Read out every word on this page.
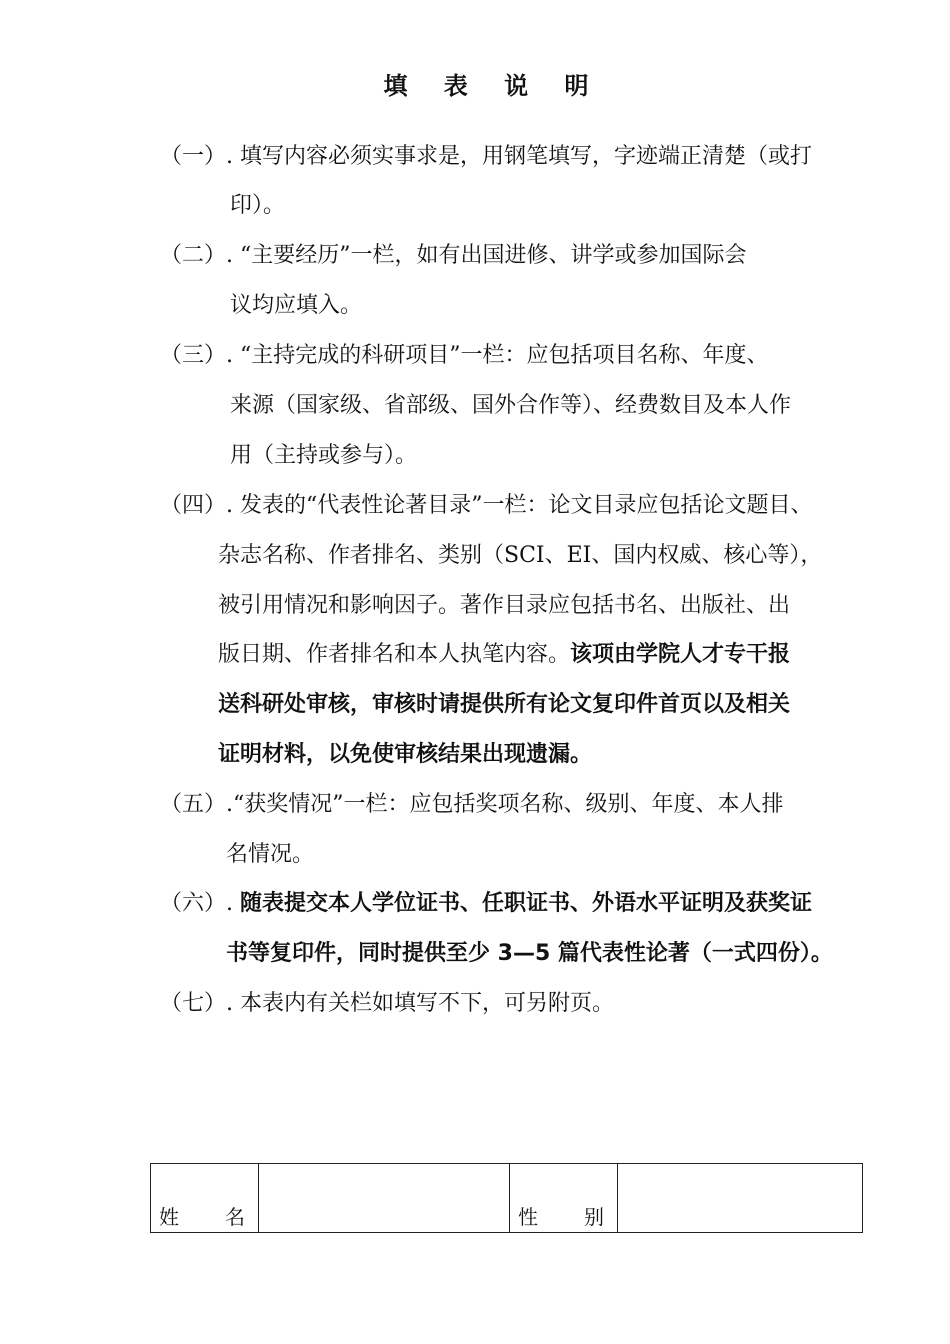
填 表 说 明
（一）. 填写内容必须实事求是，用钢笔填写，字迹端正清楚（或打
印）。
（二）. “主要经历”一栏，如有出国进修、讲学或参加国际会
议均应填入。
（三）. “主持完成的科研项目”一栏：应包括项目名称、年度、
来源（国家级、省部级、国外合作等）、经费数目及本人作
用（主持或参与）。
（四）. 发表的“代表性论著目录”一栏：论文目录应包括论文题目、
杂志名称、作者排名、类别（SCI、EI、国内权威、核心等），
被引用情况和影响因子。著作目录应包括书名、出版社、出
版日期、作者排名和本人执笔内容。该项由学院人才专干报
送科研处审核，审核时请提供所有论文复印件首页以及相关
证明材料，以免使审核结果出现遗漏。
（五）.“获奖情况”一栏：应包括奖项名称、级别、年度、本人排
名情况。
（六）. 随表提交本人学位证书、任职证书、外语水平证明及获奖证
书等复印件，同时提供至少 3—5 篇代表性论著（一式四份）。
（七）. 本表内有关栏如填写不下，可另附页。
姓 名		性 别
